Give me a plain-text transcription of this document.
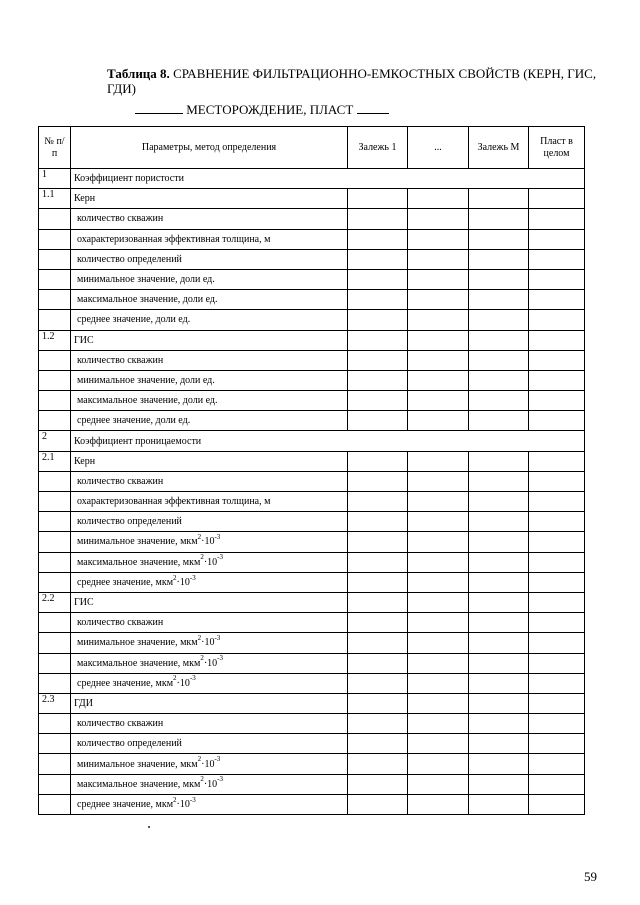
Таблица 8. СРАВНЕНИЕ ФИЛЬТРАЦИОННО-ЕМКОСТНЫХ СВОЙСТВ (КЕРН, ГИС, ГДИ)
МЕСТОРОЖДЕНИЕ, ПЛАСТ
№ п/п	Параметры, метод определения	Залежь 1	...	Залежь М	Пласт в целом
1	Коэффициент пористости				
1.1	Керн				
	количество скважин				
	охарактеризованная эффективная толщина, м				
	количество определений				
	минимальное значение, доли ед.				
	максимальное значение, доли ед.				
	среднее значение, доли ед.				
1.2	ГИС				
	количество скважин				
	минимальное значение, доли ед.				
	максимальное значение, доли ед.				
	среднее значение, доли ед.				
2	Коэффициент проницаемости				
2.1	Керн				
	количество скважин				
	охарактеризованная эффективная толщина, м				
	количество определений				
	минимальное значение, $мкм^2\cdot 10^{-3}$				
	максимальное значение, $мкм^2\cdot 10^{-3}$				
	среднее значение, $мкм^2\cdot 10^{-3}$				
2.2	ГИС				
	количество скважин				
	минимальное значение, $мкм^2\cdot 10^{-3}$				
	максимальное значение, $мкм^2\cdot 10^{-3}$				
	среднее значение, $мкм^2\cdot 10^{-3}$				
2.3	ГДИ				
	количество скважин				
	количество определений				
	минимальное значение, $мкм^2\cdot 10^{-3}$				
	максимальное значение, $мкм^2\cdot 10^{-3}$				
	среднее значение, $мкм^2\cdot 10^{-3}$				
59
